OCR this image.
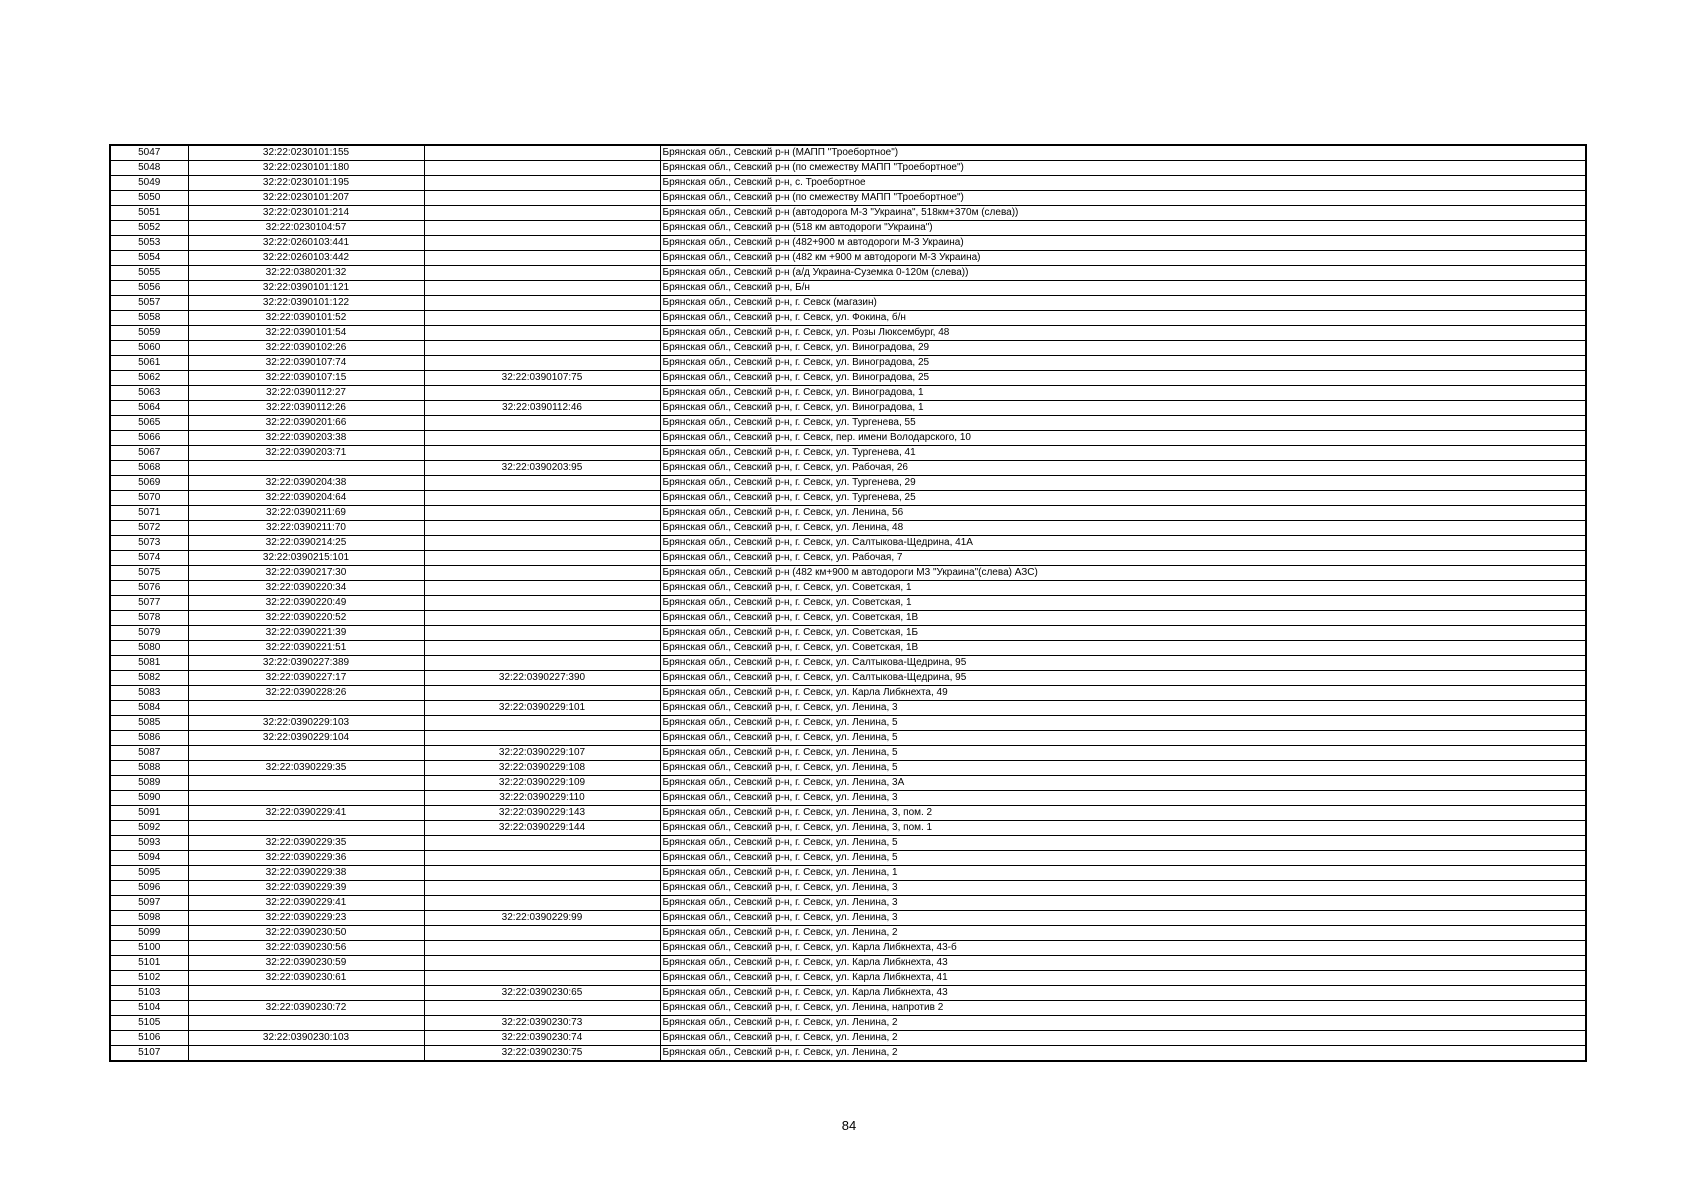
5047	32:22:0230101:155		Брянская обл., Севский р-н (МАПП "Троебортное")
5048	32:22:0230101:180		Брянская обл., Севский р-н (по смежеству МАПП "Троебортное")
5049	32:22:0230101:195		Брянская обл., Севский р-н, с. Троебортное
5050	32:22:0230101:207		Брянская обл., Севский р-н (по смежеству МАПП "Троебортное")
5051	32:22:0230101:214		Брянская обл., Севский р-н (автодорога М-3 "Украина", 518км+370м (слева))
5052	32:22:0230104:57		Брянская обл., Севский р-н (518 км автодороги "Украина")
5053	32:22:0260103:441		Брянская обл., Севский р-н (482+900 м автодороги М-3 Украина)
5054	32:22:0260103:442		Брянская обл., Севский р-н (482 км +900 м автодороги М-3 Украина)
5055	32:22:0380201:32		Брянская обл., Севский р-н (а/д Украина-Суземка 0-120м (слева))
5056	32:22:0390101:121		Брянская обл., Севский р-н, Б/н
5057	32:22:0390101:122		Брянская обл., Севский р-н, г. Севск (магазин)
5058	32:22:0390101:52		Брянская обл., Севский р-н, г. Севск, ул. Фокина, б/н
5059	32:22:0390101:54		Брянская обл., Севский р-н, г. Севск, ул. Розы Люксембург, 48
5060	32:22:0390102:26		Брянская обл., Севский р-н, г. Севск, ул. Виноградова, 29
5061	32:22:0390107:74		Брянская обл., Севский р-н, г. Севск, ул. Виноградова, 25
5062	32:22:0390107:15	32:22:0390107:75	Брянская обл., Севский р-н, г. Севск, ул. Виноградова, 25
5063	32:22:0390112:27		Брянская обл., Севский р-н, г. Севск, ул. Виноградова, 1
5064	32:22:0390112:26	32:22:0390112:46	Брянская обл., Севский р-н, г. Севск, ул. Виноградова, 1
5065	32:22:0390201:66		Брянская обл., Севский р-н, г. Севск, ул. Тургенева, 55
5066	32:22:0390203:38		Брянская обл., Севский р-н, г. Севск, пер. имени Володарского, 10
5067	32:22:0390203:71		Брянская обл., Севский р-н, г. Севск, ул. Тургенева, 41
5068		32:22:0390203:95	Брянская обл., Севский р-н, г. Севск, ул. Рабочая, 26
5069	32:22:0390204:38		Брянская обл., Севский р-н, г. Севск, ул. Тургенева, 29
5070	32:22:0390204:64		Брянская обл., Севский р-н, г. Севск, ул. Тургенева, 25
5071	32:22:0390211:69		Брянская обл., Севский р-н, г. Севск, ул. Ленина, 56
5072	32:22:0390211:70		Брянская обл., Севский р-н, г. Севск, ул. Ленина, 48
5073	32:22:0390214:25		Брянская обл., Севский р-н, г. Севск, ул. Салтыкова-Щедрина, 41А
5074	32:22:0390215:101		Брянская обл., Севский р-н, г. Севск, ул. Рабочая, 7
5075	32:22:0390217:30		Брянская обл., Севский р-н (482 км+900 м автодороги М3 "Украина"(слева) АЗС)
5076	32:22:0390220:34		Брянская обл., Севский р-н, г. Севск, ул. Советская, 1
5077	32:22:0390220:49		Брянская обл., Севский р-н, г. Севск, ул. Советская, 1
5078	32:22:0390220:52		Брянская обл., Севский р-н, г. Севск, ул. Советская, 1В
5079	32:22:0390221:39		Брянская обл., Севский р-н, г. Севск, ул. Советская, 1Б
5080	32:22:0390221:51		Брянская обл., Севский р-н, г. Севск, ул. Советская, 1В
5081	32:22:0390227:389		Брянская обл., Севский р-н, г. Севск, ул. Салтыкова-Щедрина, 95
5082	32:22:0390227:17	32:22:0390227:390	Брянская обл., Севский р-н, г. Севск, ул. Салтыкова-Щедрина, 95
5083	32:22:0390228:26		Брянская обл., Севский р-н, г. Севск, ул. Карла Либкнехта, 49
5084		32:22:0390229:101	Брянская обл., Севский р-н, г. Севск, ул. Ленина, 3
5085	32:22:0390229:103		Брянская обл., Севский р-н, г. Севск, ул. Ленина, 5
5086	32:22:0390229:104		Брянская обл., Севский р-н, г. Севск, ул. Ленина, 5
5087		32:22:0390229:107	Брянская обл., Севский р-н, г. Севск, ул. Ленина, 5
5088	32:22:0390229:35	32:22:0390229:108	Брянская обл., Севский р-н, г. Севск, ул. Ленина, 5
5089		32:22:0390229:109	Брянская обл., Севский р-н, г. Севск, ул. Ленина, 3А
5090		32:22:0390229:110	Брянская обл., Севский р-н, г. Севск, ул. Ленина, 3
5091	32:22:0390229:41	32:22:0390229:143	Брянская обл., Севский р-н, г. Севск, ул. Ленина, 3, пом. 2
5092		32:22:0390229:144	Брянская обл., Севский р-н, г. Севск, ул. Ленина, 3, пом. 1
5093	32:22:0390229:35		Брянская обл., Севский р-н, г. Севск, ул. Ленина, 5
5094	32:22:0390229:36		Брянская обл., Севский р-н, г. Севск, ул. Ленина, 5
5095	32:22:0390229:38		Брянская обл., Севский р-н, г. Севск, ул. Ленина, 1
5096	32:22:0390229:39		Брянская обл., Севский р-н, г. Севск, ул. Ленина, 3
5097	32:22:0390229:41		Брянская обл., Севский р-н, г. Севск, ул. Ленина, 3
5098	32:22:0390229:23	32:22:0390229:99	Брянская обл., Севский р-н, г. Севск, ул. Ленина, 3
5099	32:22:0390230:50		Брянская обл., Севский р-н, г. Севск, ул. Ленина, 2
5100	32:22:0390230:56		Брянская обл., Севский р-н, г. Севск, ул. Карла Либкнехта, 43-б
5101	32:22:0390230:59		Брянская обл., Севский р-н, г. Севск, ул. Карла Либкнехта, 43
5102	32:22:0390230:61		Брянская обл., Севский р-н, г. Севск, ул. Карла Либкнехта, 41
5103		32:22:0390230:65	Брянская обл., Севский р-н, г. Севск, ул. Карла Либкнехта, 43
5104	32:22:0390230:72		Брянская обл., Севский р-н, г. Севск, ул. Ленина, напротив 2
5105		32:22:0390230:73	Брянская обл., Севский р-н, г. Севск, ул. Ленина, 2
5106	32:22:0390230:103	32:22:0390230:74	Брянская обл., Севский р-н, г. Севск, ул. Ленина, 2
5107		32:22:0390230:75	Брянская обл., Севский р-н, г. Севск, ул. Ленина, 2
84
